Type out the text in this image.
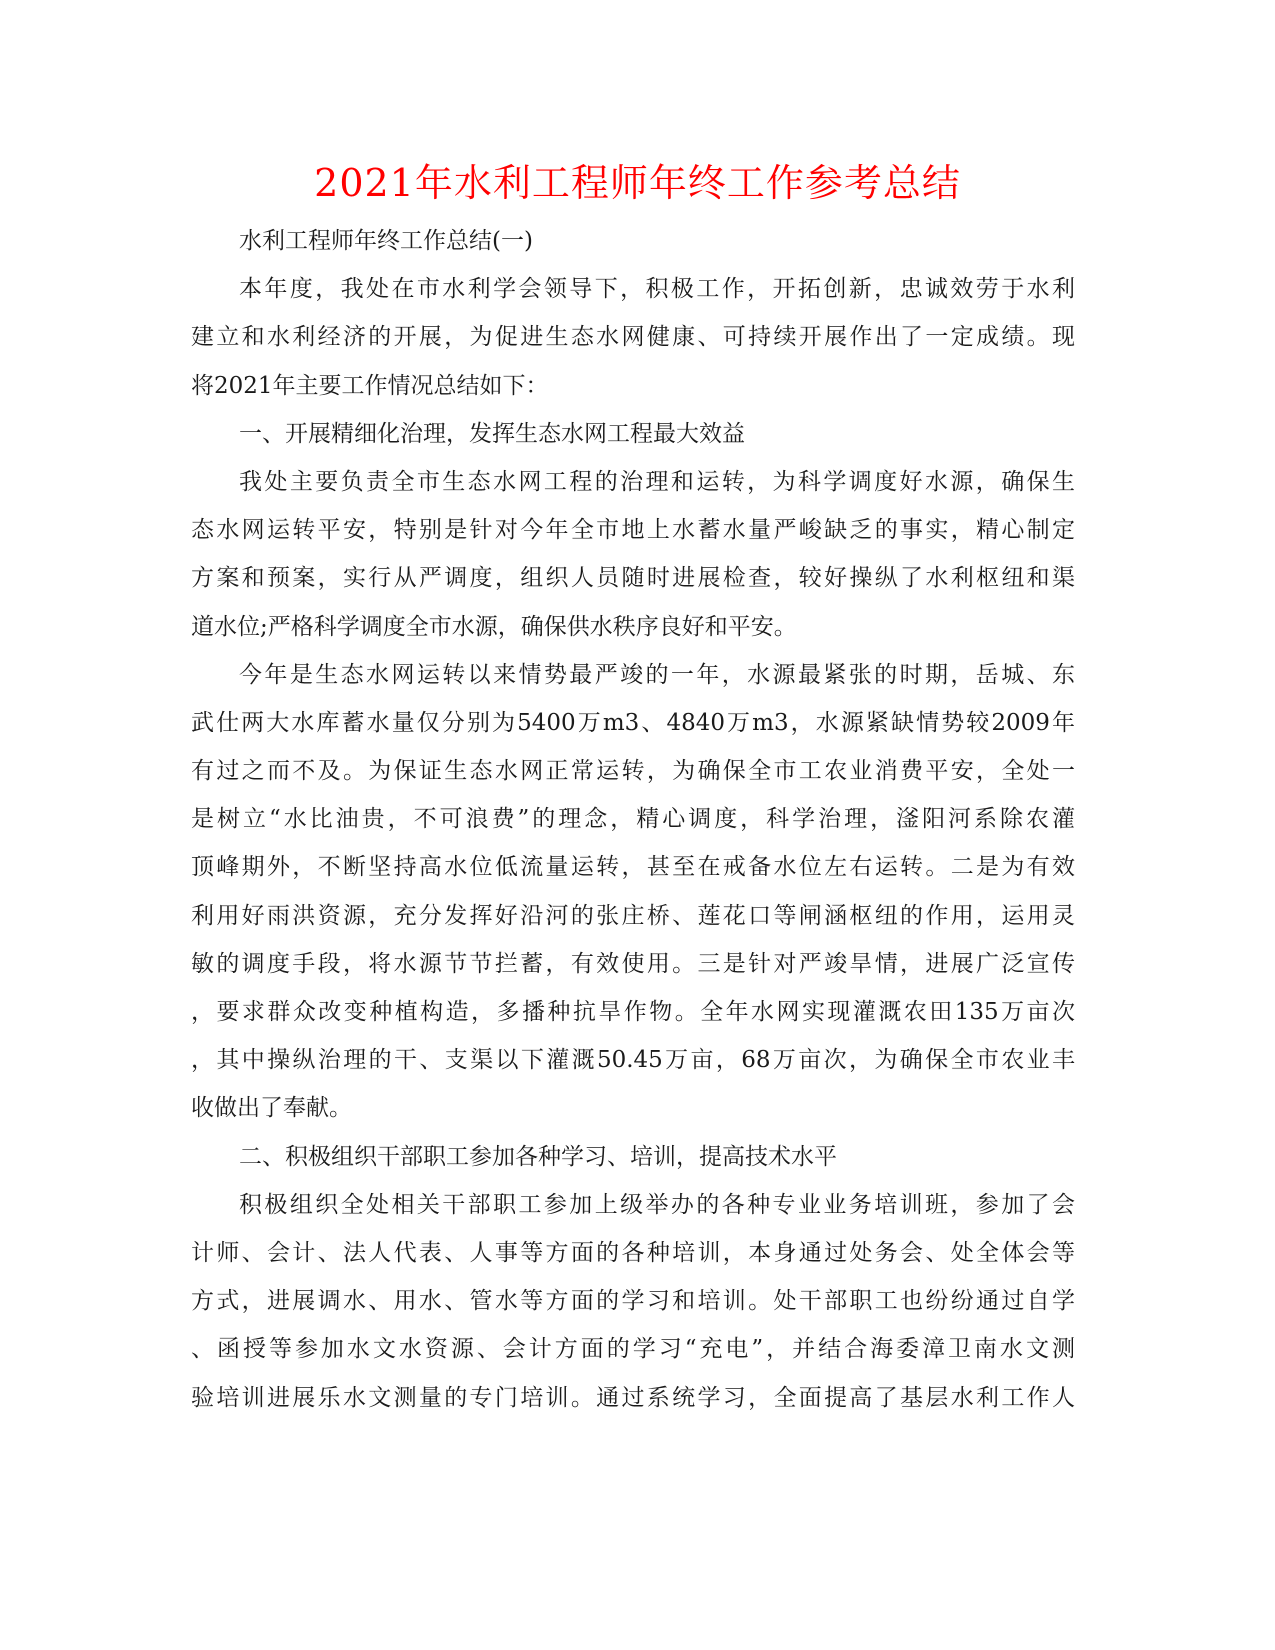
2021年水利工程师年终工作参考总结
水利工程师年终工作总结(一)
本年度，我处在市水利学会领导下，积极工作，开拓创新，忠诚效劳于水利
建立和水利经济的开展，为促进生态水网健康、可持续开展作出了一定成绩。现
将2021年主要工作情况总结如下：
一、开展精细化治理，发挥生态水网工程最大效益
我处主要负责全市生态水网工程的治理和运转，为科学调度好水源，确保生
态水网运转平安，特别是针对今年全市地上水蓄水量严峻缺乏的事实，精心制定
方案和预案，实行从严调度，组织人员随时进展检查，较好操纵了水利枢纽和渠
道水位;严格科学调度全市水源，确保供水秩序良好和平安。
今年是生态水网运转以来情势最严竣的一年，水源最紧张的时期，岳城、东
武仕两大水库蓄水量仅分别为5400万m3、4840万m3，水源紧缺情势较2009年
有过之而不及。为保证生态水网正常运转，为确保全市工农业消费平安，全处一
是树立“水比油贵，不可浪费”的理念，精心调度，科学治理，滏阳河系除农灌
顶峰期外，不断坚持高水位低流量运转，甚至在戒备水位左右运转。二是为有效
利用好雨洪资源，充分发挥好沿河的张庄桥、莲花口等闸涵枢纽的作用，运用灵
敏的调度手段，将水源节节拦蓄，有效使用。三是针对严竣旱情，进展广泛宣传
，要求群众改变种植构造，多播种抗旱作物。全年水网实现灌溉农田135万亩次
，其中操纵治理的干、支渠以下灌溉50.45万亩，68万亩次，为确保全市农业丰
收做出了奉献。
二、积极组织干部职工参加各种学习、培训，提高技术水平
积极组织全处相关干部职工参加上级举办的各种专业业务培训班，参加了会
计师、会计、法人代表、人事等方面的各种培训，本身通过处务会、处全体会等
方式，进展调水、用水、管水等方面的学习和培训。处干部职工也纷纷通过自学
、函授等参加水文水资源、会计方面的学习“充电”，并结合海委漳卫南水文测
验培训进展乐水文测量的专门培训。通过系统学习，全面提高了基层水利工作人
